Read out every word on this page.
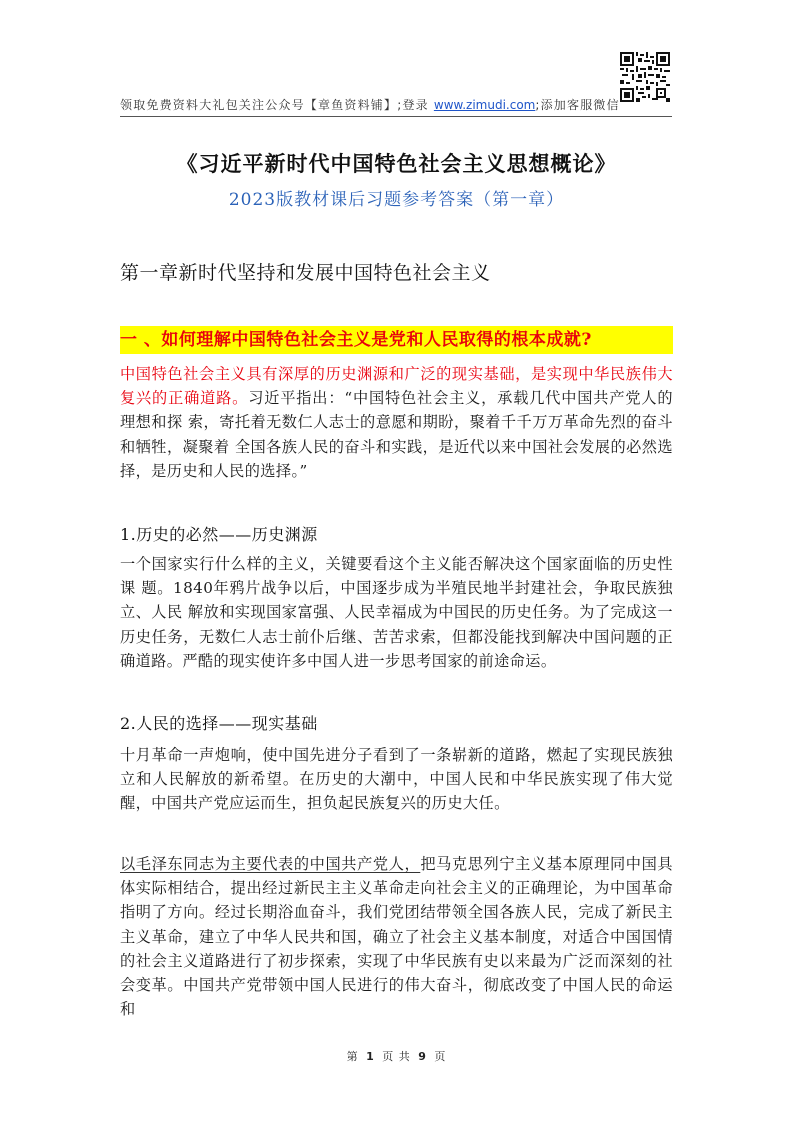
领取免费资料大礼包关注公众号【章鱼资料铺】;登录 www.zimudi.com;添加客服微信
《习近平新时代中国特色社会主义思想概论》
2023版教材课后习题参考答案（第一章）
第一章新时代坚持和发展中国特色社会主义
一 、如何理解中国特色社会主义是党和人民取得的根本成就?
中国特色社会主义具有深厚的历史渊源和广泛的现实基础，是实现中华民族伟大复兴的正确道路。习近平指出：“中国特色社会主义，承载几代中国共产党人的理想和探 索，寄托着无数仁人志士的意愿和期盼，聚着千千万万革命先烈的奋斗和牺牲，凝聚着 全国各族人民的奋斗和实践，是近代以来中国社会发展的必然选择，是历史和人民的选择。”
1.历史的必然——历史渊源
一个国家实行什么样的主义，关键要看这个主义能否解决这个国家面临的历史性课 题。1840年鸦片战争以后，中国逐步成为半殖民地半封建社会，争取民族独立、人民 解放和实现国家富强、人民幸福成为中国民的历史任务。为了完成这一历史任务，无数仁人志士前仆后继、苦苦求索，但都没能找到解决中国问题的正确道路。严酷的现实使许多中国人进一步思考国家的前途命运。
2.人民的选择——现实基础
十月革命一声炮响，使中国先进分子看到了一条崭新的道路，燃起了实现民族独立和人民解放的新希望。在历史的大潮中，中国人民和中华民族实现了伟大觉醒，中国共产党应运而生，担负起民族复兴的历史大任。
以毛泽东同志为主要代表的中国共产党人，把马克思列宁主义基本原理同中国具体实际相结合，提出经过新民主主义革命走向社会主义的正确理论，为中国革命指明了方向。经过长期浴血奋斗，我们党团结带领全国各族人民，完成了新民主主义革命，建立了中华人民共和国，确立了社会主义基本制度，对适合中国国情的社会主义道路进行了初步探索，实现了中华民族有史以来最为广泛而深刻的社会变革。中国共产党带领中国人民进行的伟大奋斗，彻底改变了中国人民的命运和
第 1 页 共 9 页
